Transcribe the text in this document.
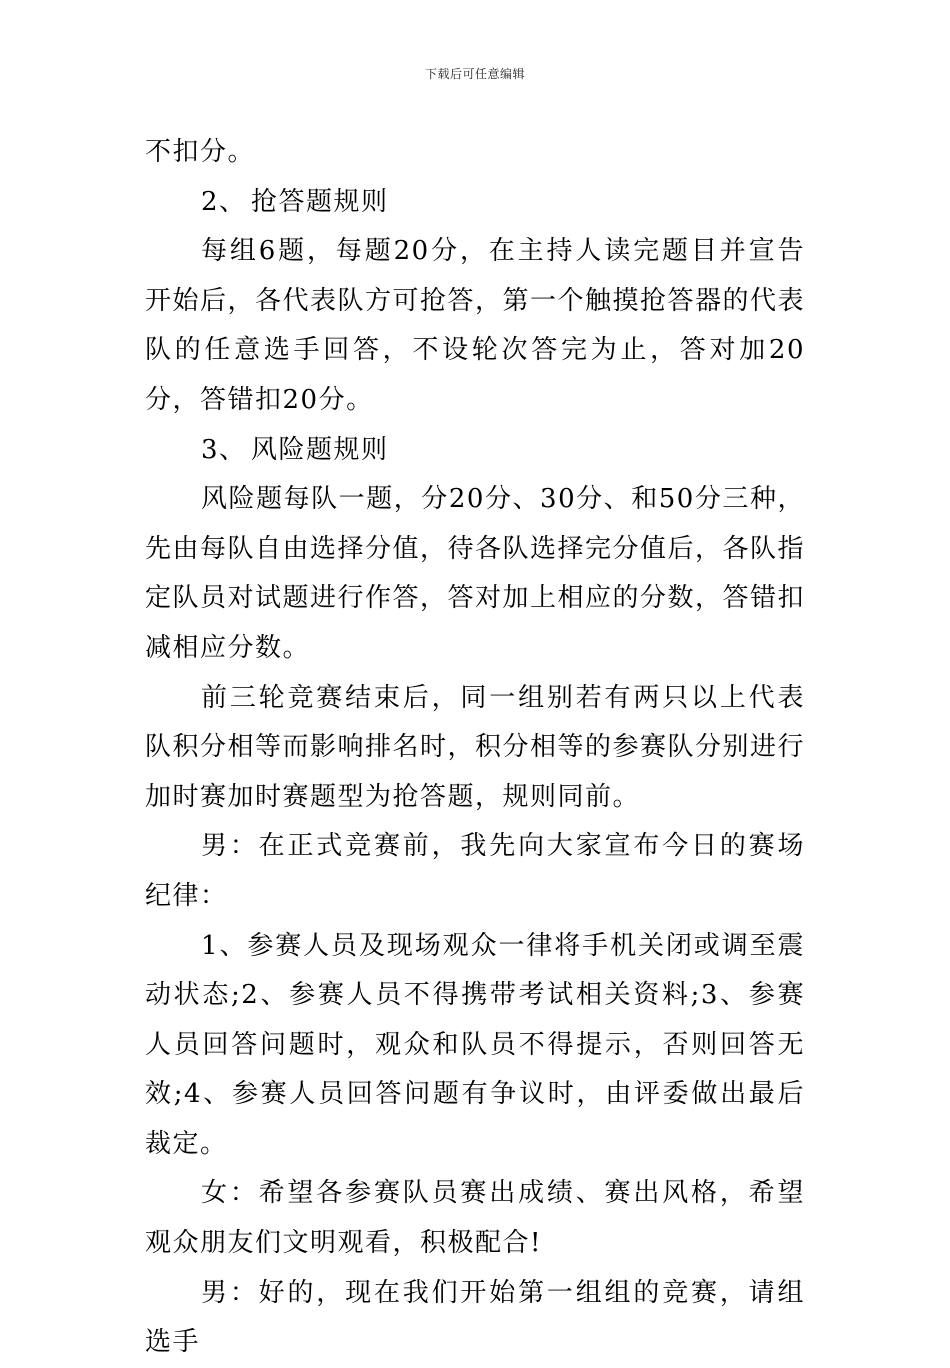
下载后可任意编辑

不扣分。

2、 抢答题规则

每组6题，每题20分，在主持人读完题目并宣告开始后，各代表队方可抢答，第一个触摸抢答器的代表队的任意选手回答，不设轮次答完为止，答对加20分，答错扣20分。

3、 风险题规则

风险题每队一题，分20分、30分、和50分三种，先由每队自由选择分值，待各队选择完分值后，各队指定队员对试题进行作答，答对加上相应的分数，答错扣减相应分数。

前三轮竞赛结束后，同一组别若有两只以上代表队积分相等而影响排名时，积分相等的参赛队分别进行加时赛加时赛题型为抢答题，规则同前。

男：在正式竞赛前，我先向大家宣布今日的赛场纪律：

1、参赛人员及现场观众一律将手机关闭或调至震动状态;2、参赛人员不得携带考试相关资料;3、参赛人员回答问题时，观众和队员不得提示，否则回答无效;4、参赛人员回答问题有争议时，由评委做出最后裁定。

女：希望各参赛队员赛出成绩、赛出风格，希望观众朋友们文明观看，积极配合!

男：好的，现在我们开始第一组组的竞赛，请组选手
